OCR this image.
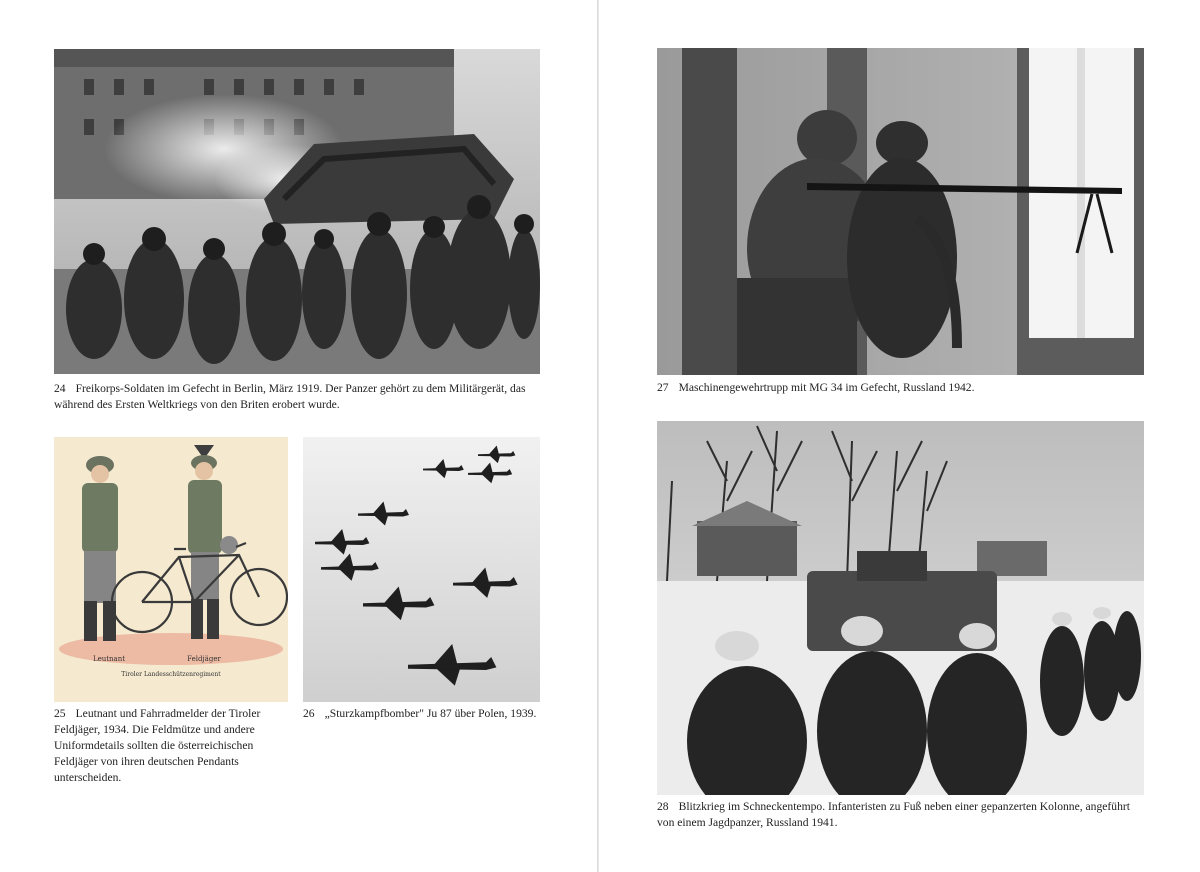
24 Freikorps-Soldaten im Gefecht in Berlin, März 1919. Der Panzer gehört zu dem Militärgerät, das während des Ersten Weltkriegs von den Briten erobert wurde.
Leutnant	Feldjäger
Tiroler Landesschützenregiment
25 Leutnant und Fahrradmelder der Tiroler Feldjäger, 1934. Die Feldmütze und andere Uniformdetails sollten die österreichischen Feldjäger von ihren deutschen Pendants unterscheiden.
26 „Sturzkampfbomber" Ju 87 über Polen, 1939.
27 Maschinengewehrtrupp mit MG 34 im Gefecht, Russland 1942.
28 Blitzkrieg im Schneckentempo. Infanteristen zu Fuß neben einer gepanzerten Kolonne, angeführt von einem Jagdpanzer, Russland 1941.
